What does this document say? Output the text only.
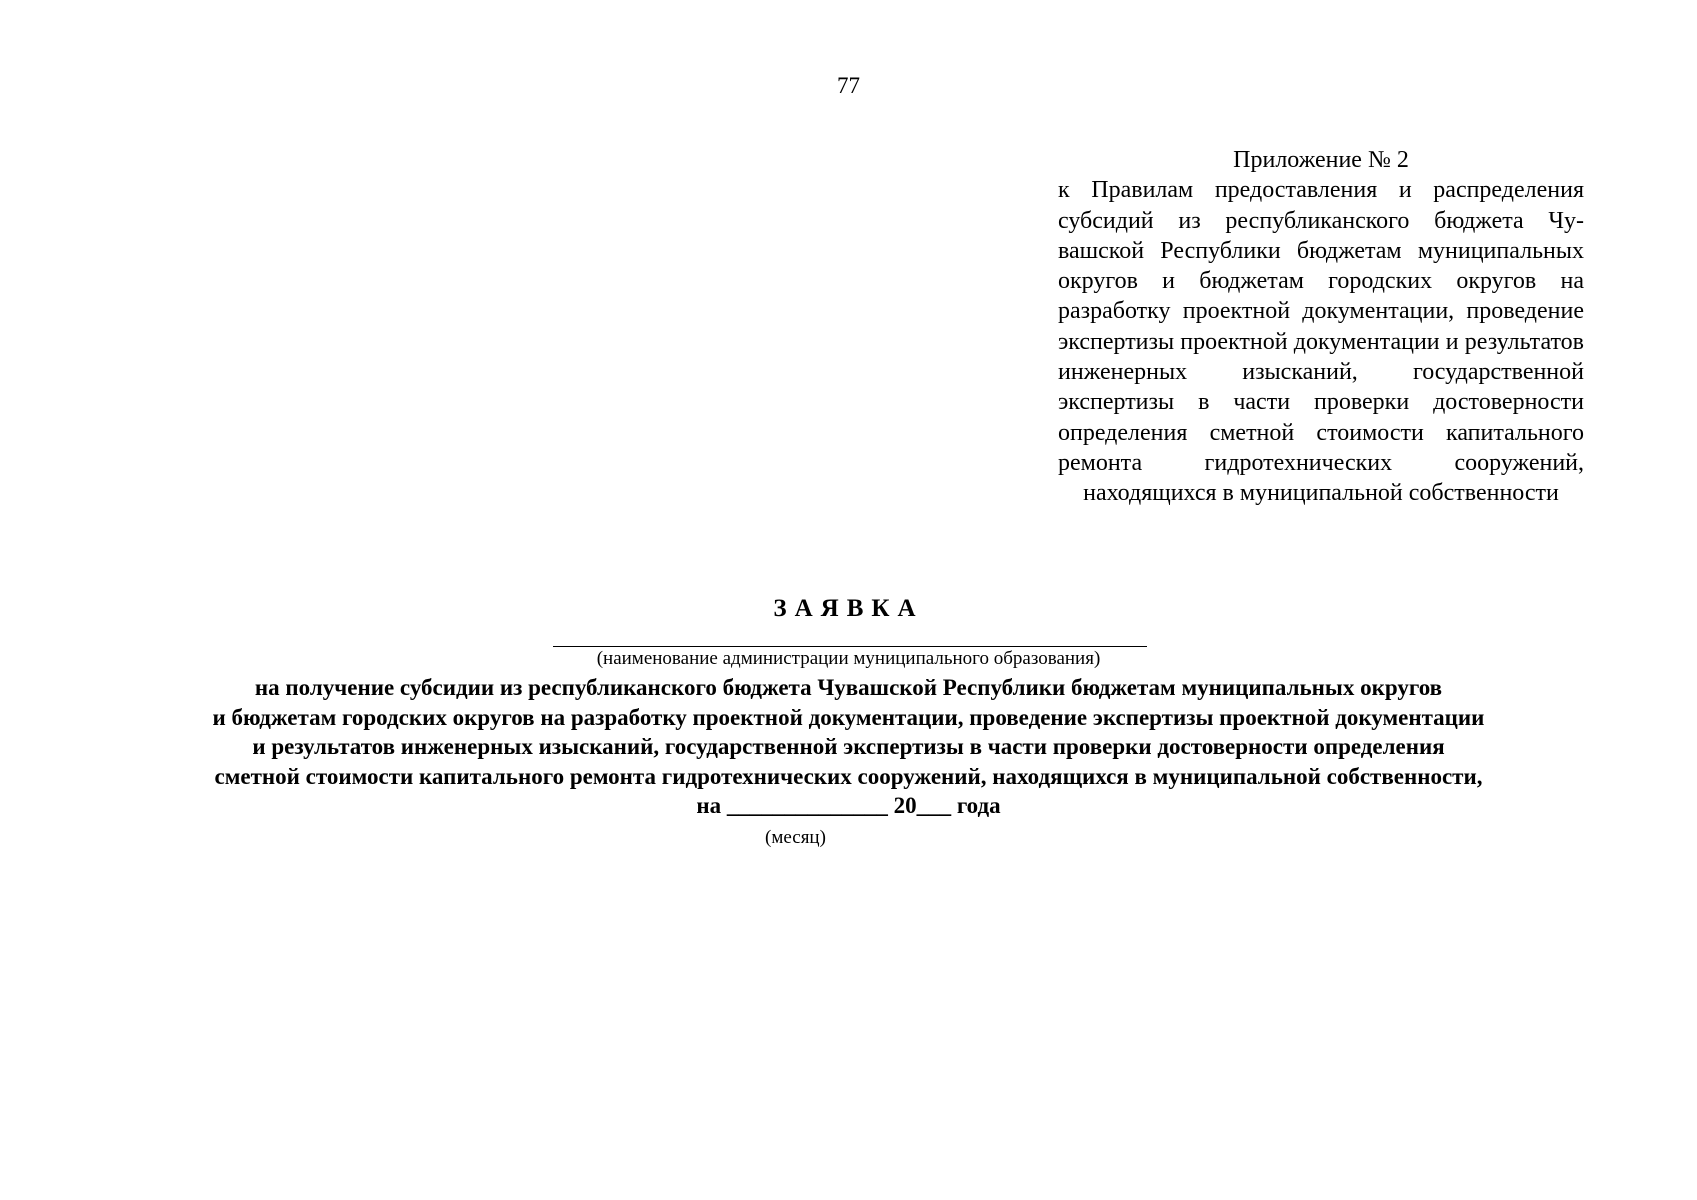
77
Приложение № 2
к Правилам предоставления и распределения субсидий из республиканского бюджета Чувашской Республики бюджетам муниципальных округов и бюджетам городских округов на разработку проектной документации, проведение экспертизы проектной документации и результатов инженерных изысканий, государственной экспертизы в части проверки достоверности определения сметной стоимости капитального ремонта гидротехнических сооружений, находящихся в муниципальной собственности
ЗАЯВКА
(наименование администрации муниципального образования)
на получение субсидии из республиканского бюджета Чувашской Республики бюджетам муниципальных округов
и бюджетам городских округов на разработку проектной документации, проведение экспертизы проектной документации
и результатов инженерных изысканий, государственной экспертизы в части проверки достоверности определения
сметной стоимости капитального ремонта гидротехнических сооружений, находящихся в муниципальной собственности,
на ______________ 20___ года
(месяц)
